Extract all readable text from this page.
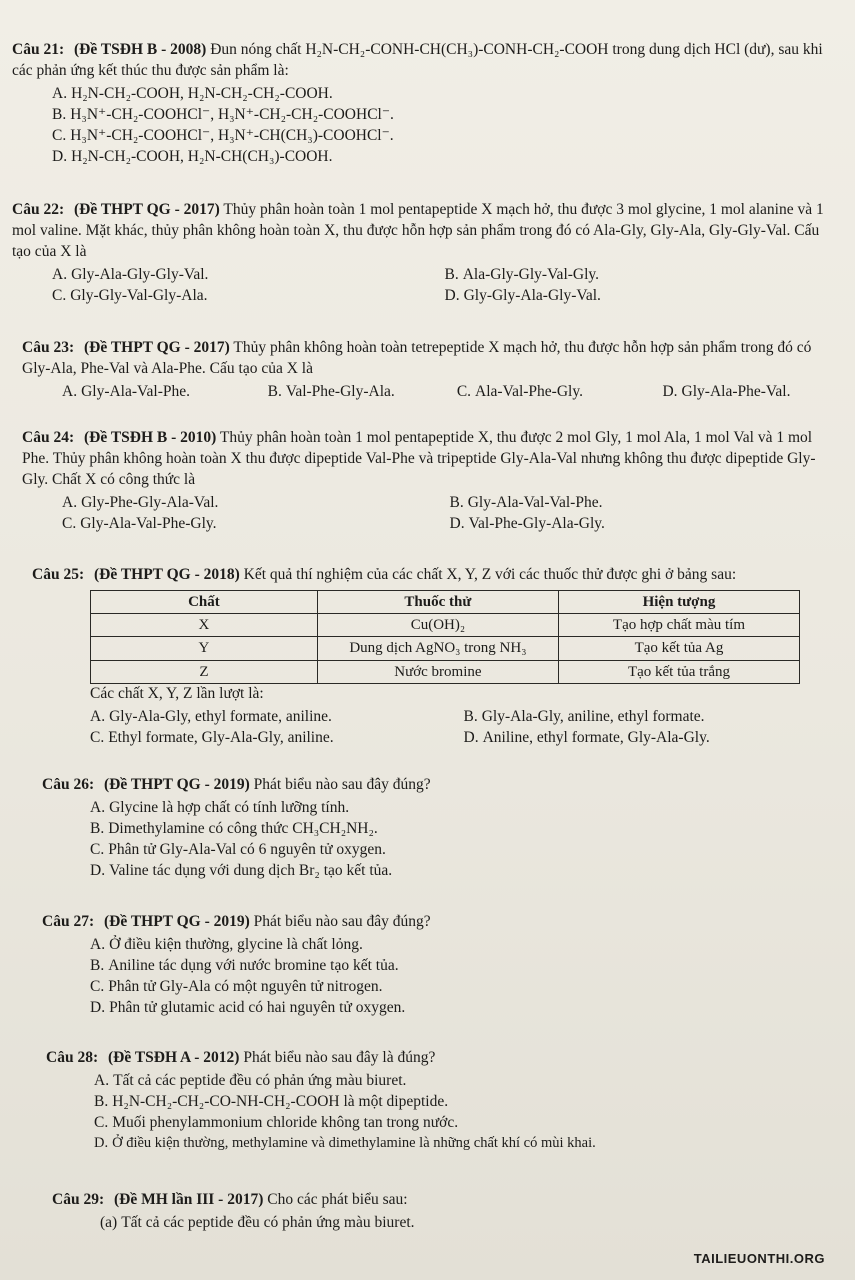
Câu 21: (Đề TSĐH B - 2008) Đun nóng chất H₂N-CH₂-CONH-CH(CH₃)-CONH-CH₂-COOH trong dung dịch HCl (dư), sau khi các phản ứng kết thúc thu được sản phẩm là:

A. H₂N-CH₂-COOH, H₂N-CH₂-CH₂-COOH.
B. H₃N⁺-CH₂-COOHCl⁻, H₃N⁺-CH₂-CH₂-COOHCl⁻.
C. H₃N⁺-CH₂-COOHCl⁻, H₃N⁺-CH(CH₃)-COOHCl⁻.
D. H₂N-CH₂-COOH, H₂N-CH(CH₃)-COOH.

Câu 22: (Đề THPT QG - 2017) Thủy phân hoàn toàn 1 mol pentapeptide X mạch hở, thu được 3 mol glycine, 1 mol alanine và 1 mol valine. Mặt khác, thủy phân không hoàn toàn X, thu được hỗn hợp sản phẩm trong đó có Ala-Gly, Gly-Ala, Gly-Gly-Val. Cấu tạo của X là

A. Gly-Ala-Gly-Gly-Val.	B. Ala-Gly-Gly-Val-Gly.
C. Gly-Gly-Val-Gly-Ala.	D. Gly-Gly-Ala-Gly-Val.

Câu 23: (Đề THPT QG - 2017) Thủy phân không hoàn toàn tetrepeptide X mạch hở, thu được hỗn hợp sản phẩm trong đó có Gly-Ala, Phe-Val và Ala-Phe. Cấu tạo của X là

A. Gly-Ala-Val-Phe.	B. Val-Phe-Gly-Ala.	C. Ala-Val-Phe-Gly.	D. Gly-Ala-Phe-Val.

Câu 24: (Đề TSĐH B - 2010) Thủy phân hoàn toàn 1 mol pentapeptide X, thu được 2 mol Gly, 1 mol Ala, 1 mol Val và 1 mol Phe. Thủy phân không hoàn toàn X thu được dipeptide Val-Phe và tripeptide Gly-Ala-Val nhưng không thu được dipeptide Gly-Gly. Chất X có công thức là

A. Gly-Phe-Gly-Ala-Val.	B. Gly-Ala-Val-Val-Phe.
C. Gly-Ala-Val-Phe-Gly.	D. Val-Phe-Gly-Ala-Gly.

Câu 25: (Đề THPT QG - 2018) Kết quả thí nghiệm của các chất X, Y, Z với các thuốc thử được ghi ở bảng sau:

Chất	Thuốc thử	Hiện tượng
X	Cu(OH)₂	Tạo hợp chất màu tím
Y	Dung dịch AgNO₃ trong NH₃	Tạo kết tủa Ag
Z	Nước bromine	Tạo kết tủa trắng
Các chất X, Y, Z lần lượt là:
A. Gly-Ala-Gly, ethyl formate, aniline.	B. Gly-Ala-Gly, aniline, ethyl formate.
C. Ethyl formate, Gly-Ala-Gly, aniline.	D. Aniline, ethyl formate, Gly-Ala-Gly.

Câu 26: (Đề THPT QG - 2019) Phát biểu nào sau đây đúng?

A. Glycine là hợp chất có tính lưỡng tính.
B. Dimethylamine có công thức CH₃CH₂NH₂.
C. Phân tử Gly-Ala-Val có 6 nguyên tử oxygen.
D. Valine tác dụng với dung dịch Br₂ tạo kết tủa.

Câu 27: (Đề THPT QG - 2019) Phát biểu nào sau đây đúng?

A. Ở điều kiện thường, glycine là chất lỏng.
B. Aniline tác dụng với nước bromine tạo kết tủa.
C. Phân tử Gly-Ala có một nguyên tử nitrogen.
D. Phân tử glutamic acid có hai nguyên tử oxygen.

Câu 28: (Đề TSĐH A - 2012) Phát biểu nào sau đây là đúng?

A. Tất cả các peptide đều có phản ứng màu biuret.
B. H₂N-CH₂-CH₂-CO-NH-CH₂-COOH là một dipeptide.
C. Muối phenylammonium chloride không tan trong nước.
D. Ở điều kiện thường, methylamine và dimethylamine là những chất khí có mùi khai.

Câu 29: (Đề MH lần III - 2017) Cho các phát biểu sau:

(a) Tất cả các peptide đều có phản ứng màu biuret.
TAILIEUONTHI.ORG
